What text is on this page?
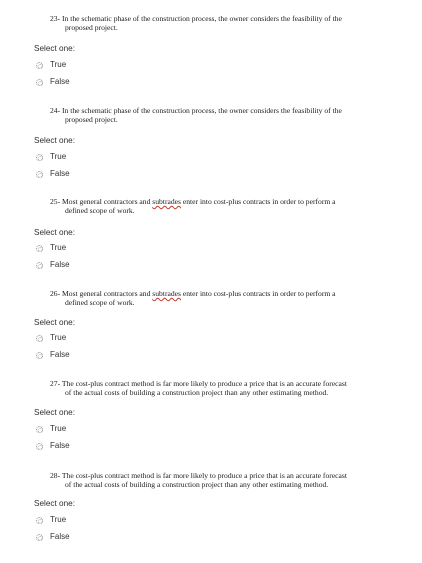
23- In the schematic phase of the construction process, the owner considers the feasibility of the
proposed project.

Select one:
True
False

24- In the schematic phase of the construction process, the owner considers the feasibility of the
proposed project.

Select one:
True
False

25- Most general contractors and subtrades enter into cost-plus contracts in order to perform a
defined scope of work.

Select one:
True
False

26- Most general contractors and subtrades enter into cost-plus contracts in order to perform a
defined scope of work.

Select one:
True
False

27- The cost-plus contract method is far more likely to produce a price that is an accurate forecast
of the actual costs of building a construction project than any other estimating method.

Select one:
True
False

28- The cost-plus contract method is far more likely to produce a price that is an accurate forecast
of the actual costs of building a construction project than any other estimating method.

Select one:
True
False
